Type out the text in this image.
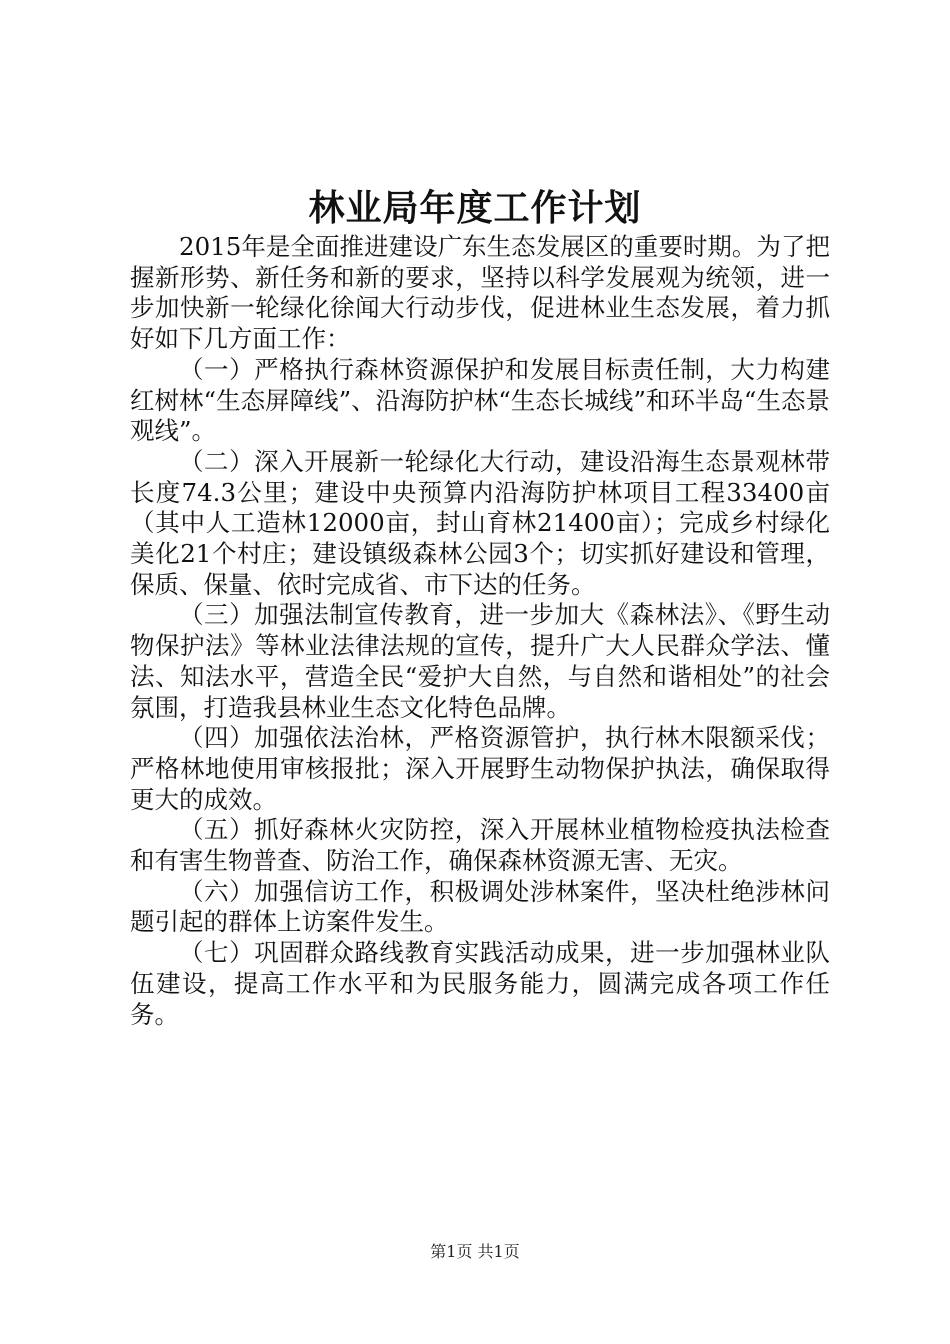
林业局年度工作计划

2015年是全面推进建设广东生态发展区的重要时期。为了把握新形势、新任务和新的要求，坚持以科学发展观为统领，进一步加快新一轮绿化徐闻大行动步伐，促进林业生态发展，着力抓好如下几方面工作：

（一）严格执行森林资源保护和发展目标责任制，大力构建红树林“生态屏障线”、沿海防护林“生态长城线”和环半岛“生态景观线”。

（二）深入开展新一轮绿化大行动，建设沿海生态景观林带长度74.3公里；建设中央预算内沿海防护林项目工程33400亩（其中人工造林12000亩，封山育林21400亩）；完成乡村绿化美化21个村庄；建设镇级森林公园3个；切实抓好建设和管理，保质、保量、依时完成省、市下达的任务。

（三）加强法制宣传教育，进一步加大《森林法》、《野生动物保护法》等林业法律法规的宣传，提升广大人民群众学法、懂法、知法水平，营造全民“爱护大自然，与自然和谐相处”的社会氛围，打造我县林业生态文化特色品牌。

（四）加强依法治林，严格资源管护，执行林木限额采伐；严格林地使用审核报批；深入开展野生动物保护执法，确保取得更大的成效。

（五）抓好森林火灾防控，深入开展林业植物检疫执法检查和有害生物普查、防治工作，确保森林资源无害、无灾。

（六）加强信访工作，积极调处涉林案件，坚决杜绝涉林问题引起的群体上访案件发生。

（七）巩固群众路线教育实践活动成果，进一步加强林业队伍建设，提高工作水平和为民服务能力，圆满完成各项工作任务。

第1页 共1页
